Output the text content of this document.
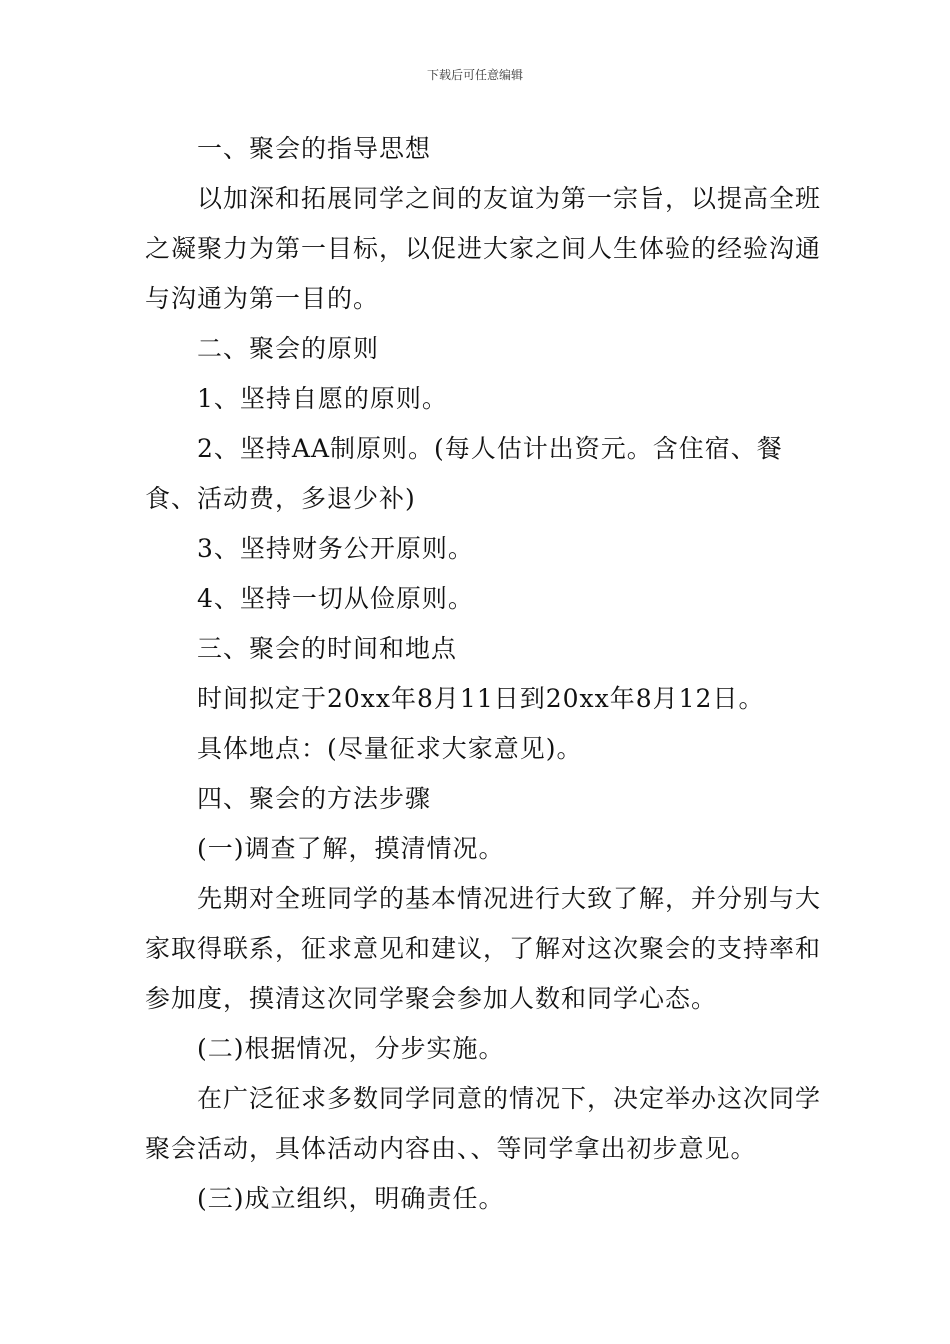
下载后可任意编辑

一、聚会的指导思想

以加深和拓展同学之间的友谊为第一宗旨，以提高全班之凝聚力为第一目标，以促进大家之间人生体验的经验沟通与沟通为第一目的。

二、聚会的原则

1、坚持自愿的原则。

2、坚持AA制原则。(每人估计出资元。含住宿、餐食、活动费，多退少补)

3、坚持财务公开原则。

4、坚持一切从俭原则。

三、聚会的时间和地点

时间拟定于20xx年8月11日到20xx年8月12日。

具体地点：(尽量征求大家意见)。

四、聚会的方法步骤

(一)调查了解，摸清情况。

先期对全班同学的基本情况进行大致了解，并分别与大家取得联系，征求意见和建议，了解对这次聚会的支持率和参加度，摸清这次同学聚会参加人数和同学心态。

(二)根据情况，分步实施。

在广泛征求多数同学同意的情况下，决定举办这次同学聚会活动，具体活动内容由、、等同学拿出初步意见。

(三)成立组织，明确责任。
